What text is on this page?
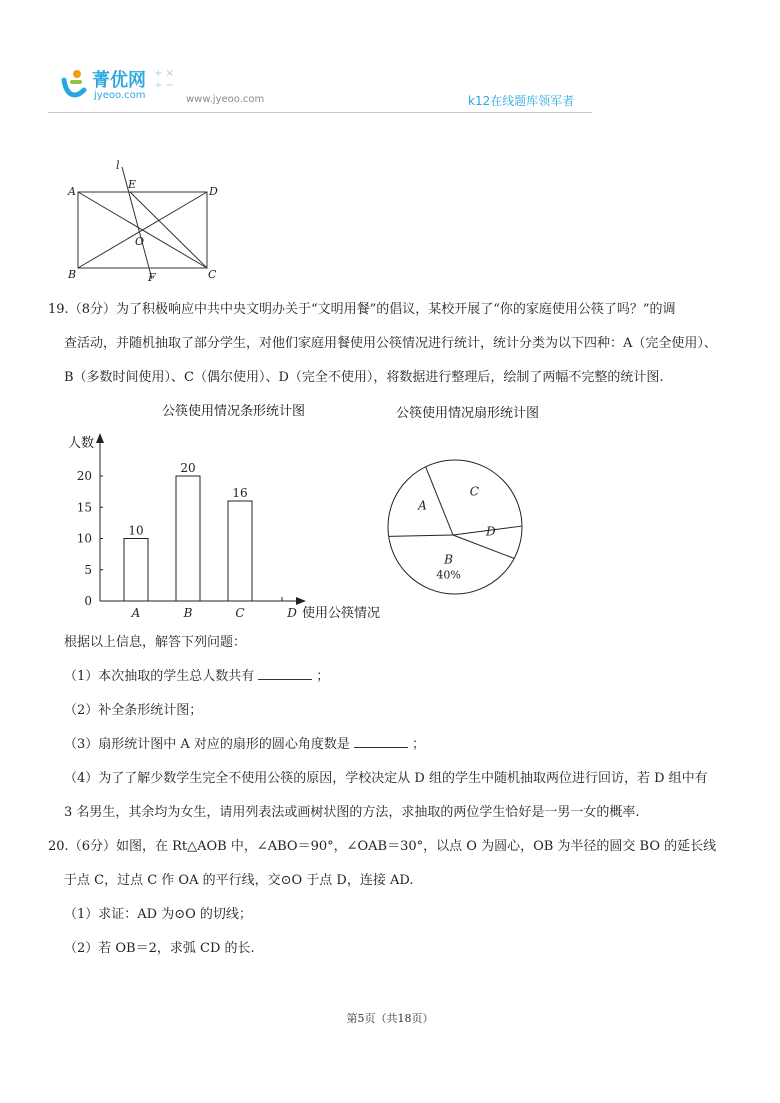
菁优网
jyeoo.com
+ ×
÷ −
www.jyeoo.com	k12在线题库领军者
l
A
E
D
O
B	F	C
19.（8分）为了积极响应中共中央文明办关于“文明用餐”的倡议，某校开展了“你的家庭使用公筷了吗？”的调
查活动，并随机抽取了部分学生，对他们家庭用餐使用公筷情况进行统计，统计分类为以下四种：A（完全使用）、
B（多数时间使用）、C（偶尔使用）、D（完全不使用），将数据进行整理后，绘制了两幅不完整的统计图.
公筷使用情况条形统计图
人数
使用公筷情况
0
5
10
15
20
A
10
B
20
C
16
D
公筷使用情况扇形统计图
A
C
D
B
40%
根据以上信息，解答下列问题：
（1）本次抽取的学生总人数共有	；
（2）补全条形统计图；
（3）扇形统计图中 A 对应的扇形的圆心角度数是	；
（4）为了了解少数学生完全不使用公筷的原因，学校决定从 D 组的学生中随机抽取两位进行回访，若 D 组中有
3 名男生，其余均为女生，请用列表法或画树状图的方法，求抽取的两位学生恰好是一男一女的概率.
20.（6分）如图，在 Rt△AOB 中，∠ABO＝90°，∠OAB＝30°，以点 O 为圆心，OB 为半径的圆交 BO 的延长线
于点 C，过点 C 作 OA 的平行线，交⊙O 于点 D，连接 AD.
（1）求证：AD 为⊙O 的切线；
（2）若 OB＝2，求弧 CD 的长.
第5页（共18页）
